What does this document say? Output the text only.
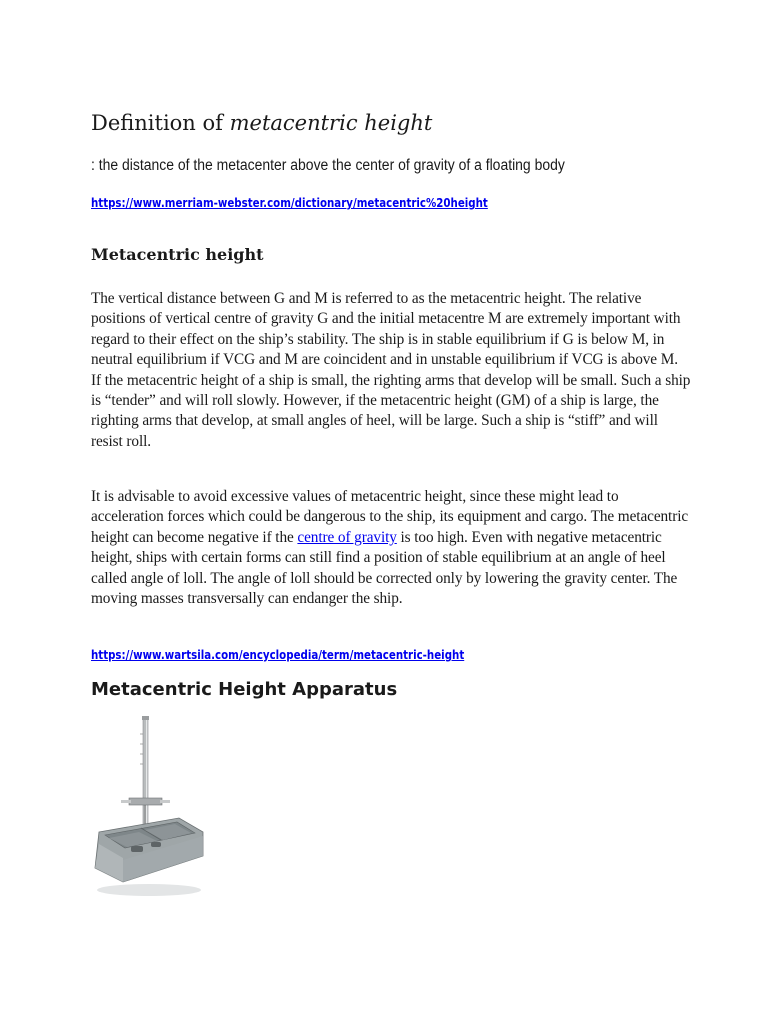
Definition of metacentric height

: the distance of the metacenter above the center of gravity of a floating body

https://www.merriam-webster.com/dictionary/metacentric%20height
Metacentric height

The vertical distance between G and M is referred to as the metacentric height. The relative positions of vertical centre of gravity G and the initial metacentre M are extremely important with regard to their effect on the ship’s stability. The ship is in stable equilibrium if G is below M, in neutral equilibrium if VCG and M are coincident and in unstable equilibrium if VCG is above M. If the metacentric height of a ship is small, the righting arms that develop will be small. Such a ship is “tender” and will roll slowly. However, if the metacentric height (GM) of a ship is large, the righting arms that develop, at small angles of heel, will be large. Such a ship is “stiff” and will resist roll.

It is advisable to avoid excessive values of metacentric height, since these might lead to acceleration forces which could be dangerous to the ship, its equipment and cargo. The metacentric height can become negative if the centre of gravity is too high. Even with negative metacentric height, ships with certain forms can still find a position of stable equilibrium at an angle of heel called angle of loll. The angle of loll should be corrected only by lowering the gravity center. The moving masses transversally can endanger the ship.

https://www.wartsila.com/encyclopedia/term/metacentric-height
Metacentric Height Apparatus
